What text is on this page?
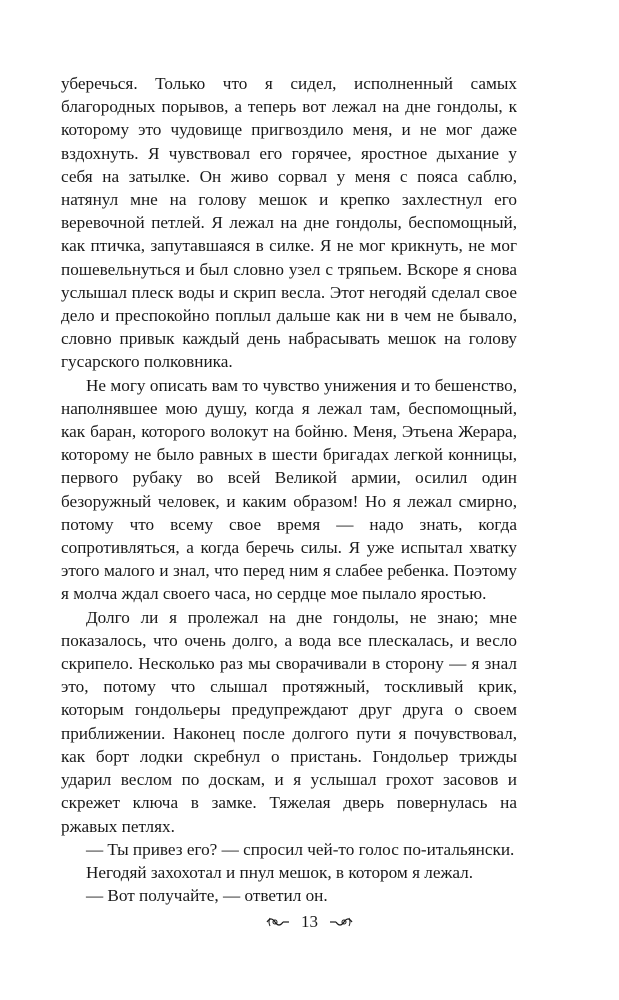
уберечься. Только что я сидел, исполненный самых благородных порывов, а теперь вот лежал на дне гондолы, к которому это чудовище пригвоздило меня, и не мог даже вздохнуть. Я чувствовал его горячее, яростное дыхание у себя на затылке. Он живо сорвал у меня с пояса саблю, натянул мне на голову мешок и крепко захлестнул его веревочной петлей. Я лежал на дне гондолы, беспомощный, как птичка, запутавшаяся в силке. Я не мог крикнуть, не мог пошевельнуться и был словно узел с тряпьем. Вскоре я снова услышал плеск воды и скрип весла. Этот негодяй сделал свое дело и преспокойно поплыл дальше как ни в чем не бывало, словно привык каждый день набрасывать мешок на голову гусарского полковника.

Не могу описать вам то чувство унижения и то бешенство, наполнявшее мою душу, когда я лежал там, беспомощный, как баран, которого волокут на бойню. Меня, Этьена Жерара, которому не было равных в шести бригадах легкой конницы, первого рубаку во всей Великой армии, осилил один безоружный человек, и каким образом! Но я лежал смирно, потому что всему свое время — надо знать, когда сопротивляться, а когда беречь силы. Я уже испытал хватку этого малого и знал, что перед ним я слабее ребенка. Поэтому я молча ждал своего часа, но сердце мое пылало яростью.

Долго ли я пролежал на дне гондолы, не знаю; мне показалось, что очень долго, а вода все плескалась, и весло скрипело. Несколько раз мы сворачивали в сторону — я знал это, потому что слышал протяжный, тоскливый крик, которым гондольеры предупреждают друг друга о своем приближении. Наконец после долгого пути я почувствовал, как борт лодки скребнул о пристань. Гондольер трижды ударил веслом по доскам, и я услышал грохот засовов и скрежет ключа в замке. Тяжелая дверь повернулась на ржавых петлях.

— Ты привез его? — спросил чей-то голос по-итальянски.

Негодяй захохотал и пнул мешок, в котором я лежал.

— Вот получайте, — ответил он.

13
